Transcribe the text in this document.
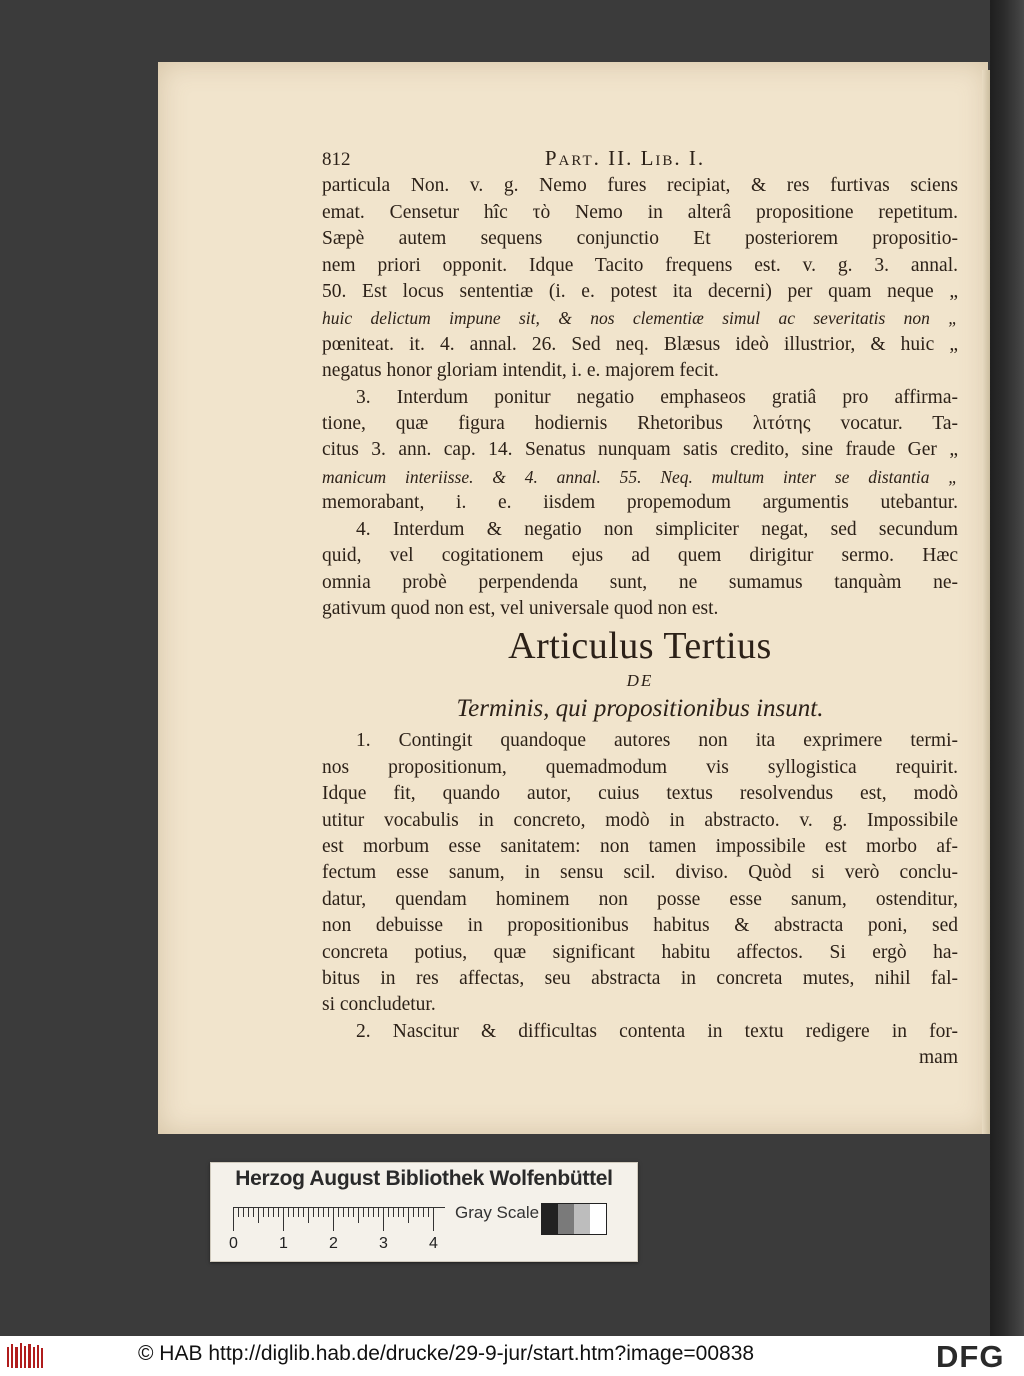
812	Part. II. Lib. I.
particula Non. v. g. Nemo fures recipiat, & res furtivas sciens
emat. Censetur hîc τὸ Nemo in alterâ propositione repetitum.
Sæpè autem sequens conjunctio Et posteriorem propositio-
nem priori opponit. Idque Tacito frequens est. v. g. 3. annal.
50. Est locus sententiæ (i. e. potest ita decerni) per quam neque „
huic delictum impune sit, & nos clementiæ simul ac severitatis non „
pœniteat. it. 4. annal. 26. Sed neq. Blæsus ideò illustrior, & huic „
negatus honor gloriam intendit, i. e. majorem fecit.
3. Interdum ponitur negatio emphaseos gratiâ pro affirma-
tione, quæ figura hodiernis Rhetoribus λιτότης vocatur. Ta-
citus 3. ann. cap. 14. Senatus nunquam satis credito, sine fraude Ger „
manicum interiisse. & 4. annal. 55. Neq. multum inter se distantia „
memorabant, i. e. iisdem propemodum argumentis utebantur.
4. Interdum & negatio non simpliciter negat, sed secundum
quid, vel cogitationem ejus ad quem dirigitur sermo. Hæc
omnia probè perpendenda sunt, ne sumamus tanquàm ne-
gativum quod non est, vel universale quod non est.
Articulus Tertius
DE
Terminis, qui propositionibus insunt.
1. Contingit quandoque autores non ita exprimere termi-
nos propositionum, quemadmodum vis syllogistica requirit.
Idque fit, quando autor, cuius textus resolvendus est, modò
utitur vocabulis in concreto, modò in abstracto. v. g. Impossibile
est morbum esse sanitatem: non tamen impossibile est morbo af-
fectum esse sanum, in sensu scil. diviso. Quòd si verò conclu-
datur, quendam hominem non posse esse sanum, ostenditur,
non debuisse in propositionibus habitus & abstracta poni, sed
concreta potius, quæ significant habitu affectos. Si ergò ha-
bitus in res affectas, seu abstracta in concreta mutes, nihil fal-
si concludetur.
2. Nascitur & difficultas contenta in textu redigere in for-
mam
Herzog August Bibliothek Wolfenbüttel
Gray Scale
0	1	2	3	4
© HAB http://diglib.hab.de/drucke/29-9-jur/start.htm?image=00838	DFG
